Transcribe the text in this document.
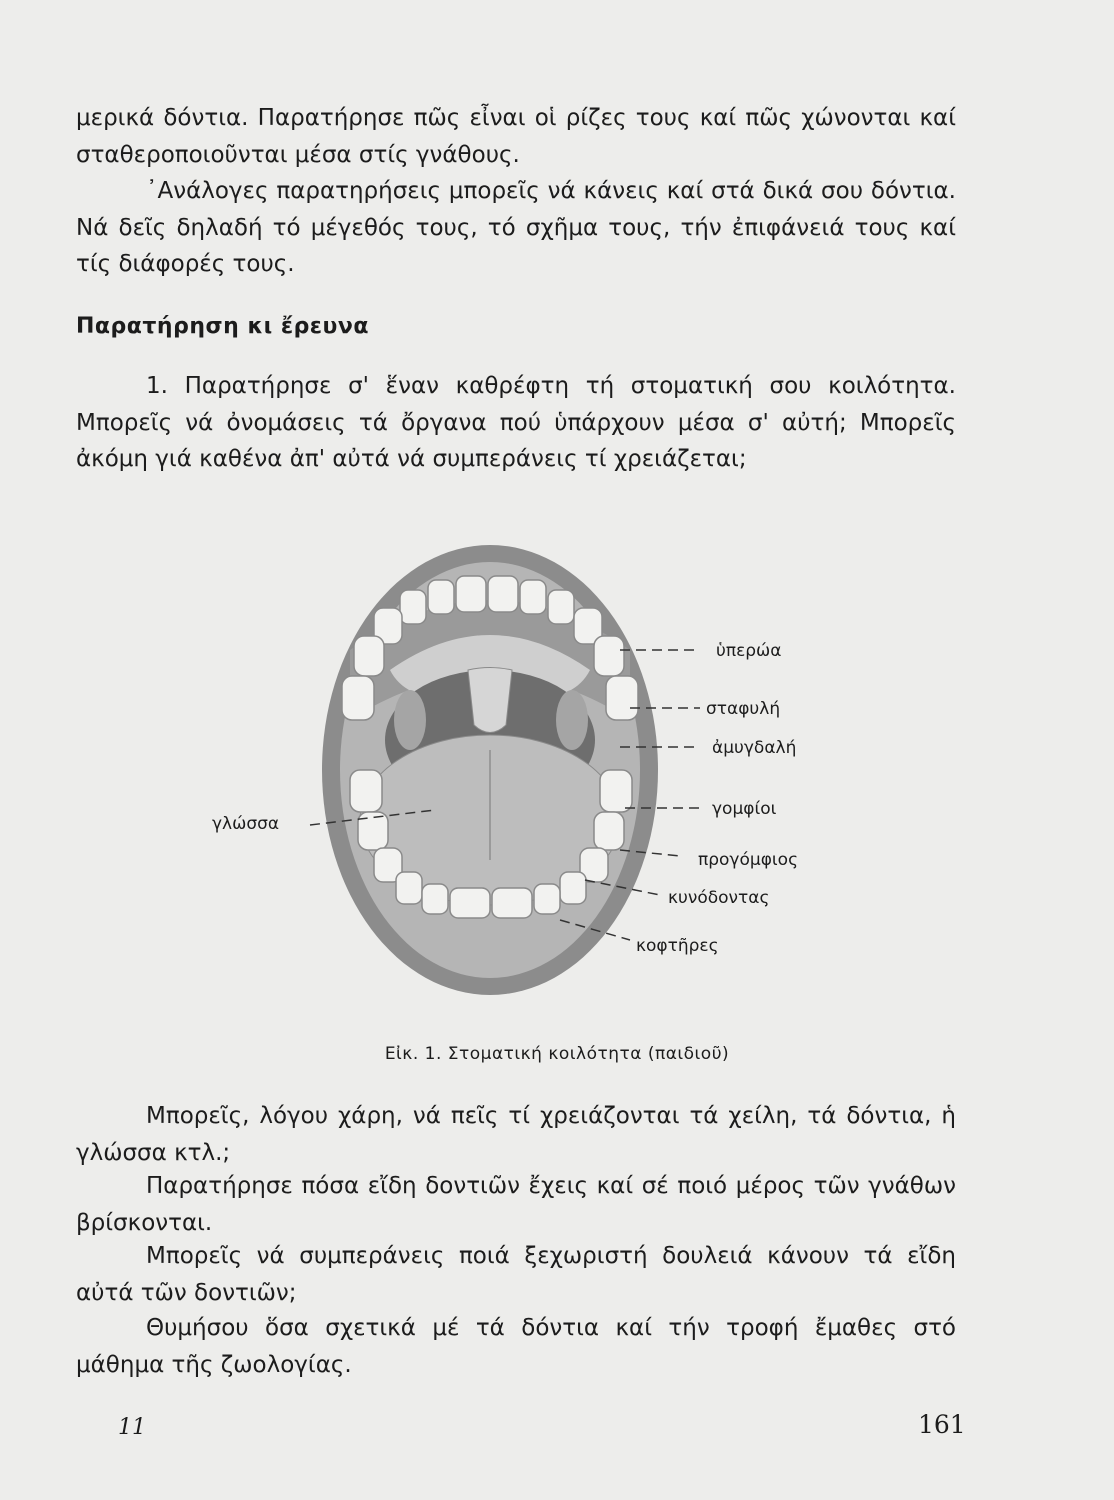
μερικά δόντια. Παρατήρησε πῶς εἶναι οἱ ρίζες τους καί πῶς χώνονται καί σταθεροποιοῦνται μέσα στίς γνάθους.

᾿Ανάλογες παρατηρήσεις μπορεῖς νά κάνεις καί στά δικά σου δόντια. Νά δεῖς δηλαδή τό μέγεθός τους, τό σχῆμα τους, τήν ἐπιφάνειά τους καί τίς διάφορές τους.

Παρατήρηση κι ἔρευνα

1. Παρατήρησε σ' ἕναν καθρέφτη τή στοματική σου κοιλότητα. Μπορεῖς νά ὀνομάσεις τά ὄργανα πού ὑπάρχουν μέσα σ' αὐτή; Μπορεῖς ἀκόμη γιά καθένα ἀπ' αὐτά νά συμπεράνεις τί χρειάζεται;

ὑπερώα
σταφυλή
ἀμυγδαλή
γομφίοι
προγόμφιος
κυνόδοντας
κοφτῆρες
γλώσσα
Εἰκ. 1. Στοματική κοιλότητα (παιδιοῦ)

Μπορεῖς, λόγου χάρη, νά πεῖς τί χρειάζονται τά χείλη, τά δόντια, ἡ γλώσσα κτλ.;

Παρατήρησε πόσα εἴδη δοντιῶν ἔχεις καί σέ ποιό μέρος τῶν γνάθων βρίσκονται.

Μπορεῖς νά συμπεράνεις ποιά ξεχωριστή δουλειά κάνουν τά εἴδη αὐτά τῶν δοντιῶν;

Θυμήσου ὅσα σχετικά μέ τά δόντια καί τήν τροφή ἔμαθες στό μάθημα τῆς ζωολογίας.

11	161
